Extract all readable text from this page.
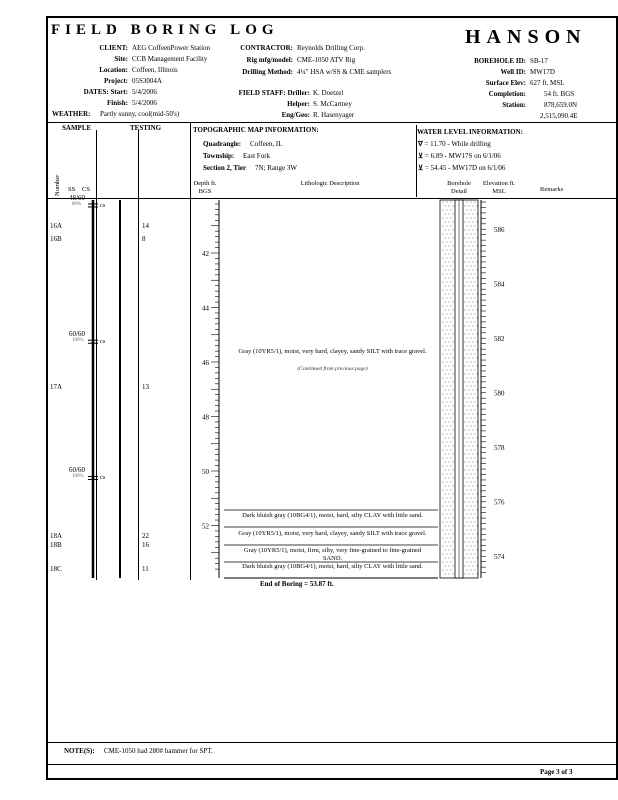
FIELD BORING LOG	HANSON
CLIENT: AEG CoffeenPower Station
Site: CCB Management Facility
Location: Coffeen, Illinois
Project: 05S3004A
DATES: Start: 5/4/2006
Finish: 5/4/2006
WEATHER: Partly sunny, cool(mid-50's)
CONTRACTOR: Reynolds Drilling Corp.
Rig mfg/model: CME-1050 ATV Rig
Drilling Method: 4¼" HSA w/SS & CME samplers
FIELD STAFF: Driller: K. Doetzel
Helper: S. McCartney
Eng/Geo: R. Hasenyager
BOREHOLE ID: SB-17
Well ID: MW17D
Surface Elev: 627 ft. MSL
Completion:	54 ft. BGS
Station:	878,659.0N
2,515,090.4E
SAMPLE	TESTING	TOPOGRAPHIC MAP INFORMATION:	WATER LEVEL INFORMATION:
Quadrangle: Coffeen, IL
Township: East Fork
Section 2, Tier 7N; Range 3W
∇ = 11.70 - While drilling
⊻ = 6.89 - MW17S on 6/1/06
⊻ = 54.45 - MW17D on 6/1/06
Number SS CS
Depth ft. BGS
Lithologic Description	Borehole Detail
Elevation ft. MSL	Remarks
42
44
46
48
50
52
586
584
582
580
578
576
574
48/60
80%	cs
60/60
100%	cs
60/60
100%	cs
16A	14
16B	8
17A	13
18A	22
18B	16
18C	11
Gray (10YR5/1), moist, very hard, clayey, sandy SILT with trace gravel.
(Continued from previous page)
Dark bluish gray (10BG4/1), moist, hard, silty CLAY with little sand.
Gray (10YR5/1), moist, very hard, clayey, sandy SILT with trace gravel.
Gray (10YR5/1), moist, firm, silty, very fine-grained to fine-grained SAND.
Dark bluish gray (10BG4/1), moist, hard, silty CLAY with little sand.
End of Boring = 53.87 ft.
NOTE(S): CME-1050 had 280# hammer for SPT.
Page 3 of 3
